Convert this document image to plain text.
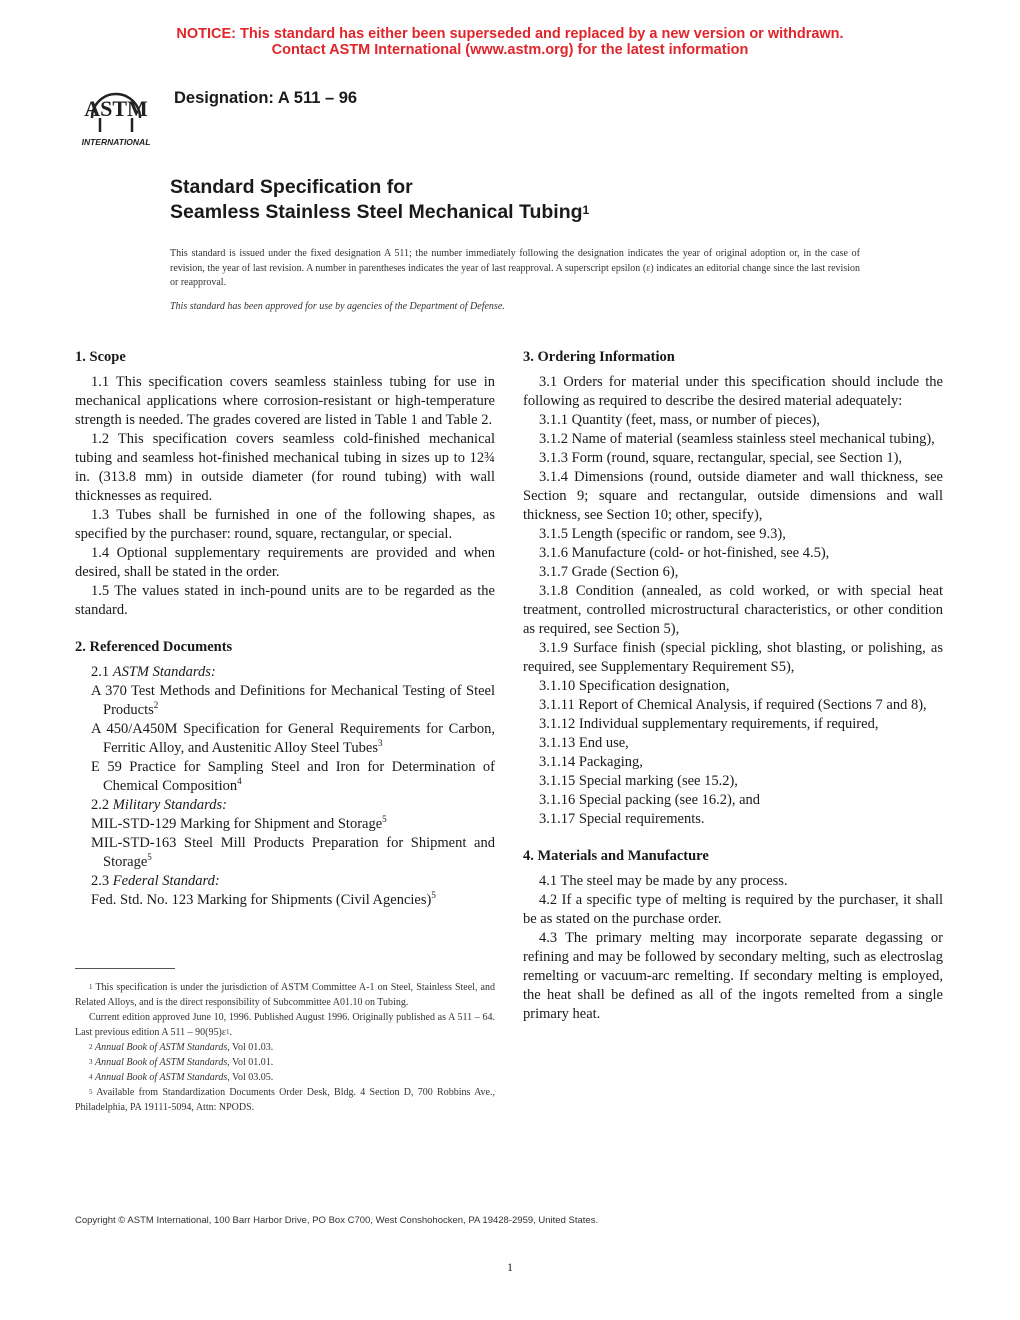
NOTICE: This standard has either been superseded and replaced by a new version or withdrawn.
Contact ASTM International (www.astm.org) for the latest information
ASTM
INTERNATIONAL
Designation: A 511 – 96
Standard Specification for
Seamless Stainless Steel Mechanical Tubing$^1$
This standard is issued under the fixed designation A 511; the number immediately following the designation indicates the year of original adoption or, in the case of revision, the year of last revision. A number in parentheses indicates the year of last reapproval. A superscript epsilon (ε) indicates an editorial change since the last revision or reapproval.
This standard has been approved for use by agencies of the Department of Defense.
1. Scope

1.1 This specification covers seamless stainless tubing for use in mechanical applications where corrosion-resistant or high-temperature strength is needed. The grades covered are listed in Table 1 and Table 2.

1.2 This specification covers seamless cold-finished mechanical tubing and seamless hot-finished mechanical tubing in sizes up to 12¾ in. (313.8 mm) in outside diameter (for round tubing) with wall thicknesses as required.

1.3 Tubes shall be furnished in one of the following shapes, as specified by the purchaser: round, square, rectangular, or special.

1.4 Optional supplementary requirements are provided and when desired, shall be stated in the order.

1.5 The values stated in inch-pound units are to be regarded as the standard.

2. Referenced Documents

2.1 ASTM Standards:

A 370 Test Methods and Definitions for Mechanical Testing of Steel Products$^2$

A 450/A450M Specification for General Requirements for Carbon, Ferritic Alloy, and Austenitic Alloy Steel Tubes$^3$

E 59 Practice for Sampling Steel and Iron for Determination of Chemical Composition$^4$

2.2 Military Standards:

MIL-STD-129 Marking for Shipment and Storage$^5$

MIL-STD-163 Steel Mill Products Preparation for Shipment and Storage$^5$

2.3 Federal Standard:

Fed. Std. No. 123 Marking for Shipments (Civil Agencies)$^5$

$^1$ This specification is under the jurisdiction of ASTM Committee A-1 on Steel, Stainless Steel, and Related Alloys, and is the direct responsibility of Subcommittee A01.10 on Tubing.

Current edition approved June 10, 1996. Published August 1996. Originally published as A 511 – 64. Last previous edition A $511 - 90(95)\varepsilon^1$.

$^2$ Annual Book of ASTM Standards, Vol 01.03.

$^3$ Annual Book of ASTM Standards, Vol 01.01.

$^4$ Annual Book of ASTM Standards, Vol 03.05.

$^5$ Available from Standardization Documents Order Desk, Bldg. 4 Section D, 700 Robbins Ave., Philadelphia, PA 19111-5094, Attn: NPODS.

3. Ordering Information

3.1 Orders for material under this specification should include the following as required to describe the desired material adequately:

3.1.1 Quantity (feet, mass, or number of pieces),

3.1.2 Name of material (seamless stainless steel mechanical tubing),

3.1.3 Form (round, square, rectangular, special, see Section 1),

3.1.4 Dimensions (round, outside diameter and wall thickness, see Section 9; square and rectangular, outside dimensions and wall thickness, see Section 10; other, specify),

3.1.5 Length (specific or random, see 9.3),

3.1.6 Manufacture (cold- or hot-finished, see 4.5),

3.1.7 Grade (Section 6),

3.1.8 Condition (annealed, as cold worked, or with special heat treatment, controlled microstructural characteristics, or other condition as required, see Section 5),

3.1.9 Surface finish (special pickling, shot blasting, or polishing, as required, see Supplementary Requirement S5),

3.1.10 Specification designation,

3.1.11 Report of Chemical Analysis, if required (Sections 7 and 8),

3.1.12 Individual supplementary requirements, if required,

3.1.13 End use,

3.1.14 Packaging,

3.1.15 Special marking (see 15.2),

3.1.16 Special packing (see 16.2), and

3.1.17 Special requirements.

4. Materials and Manufacture

4.1 The steel may be made by any process.

4.2 If a specific type of melting is required by the purchaser, it shall be as stated on the purchase order.

4.3 The primary melting may incorporate separate degassing or refining and may be followed by secondary melting, such as electroslag remelting or vacuum-arc remelting. If secondary melting is employed, the heat shall be defined as all of the ingots remelted from a single primary heat.

Copyright © ASTM International, 100 Barr Harbor Drive, PO Box C700, West Conshohocken, PA 19428-2959, United States.
1
